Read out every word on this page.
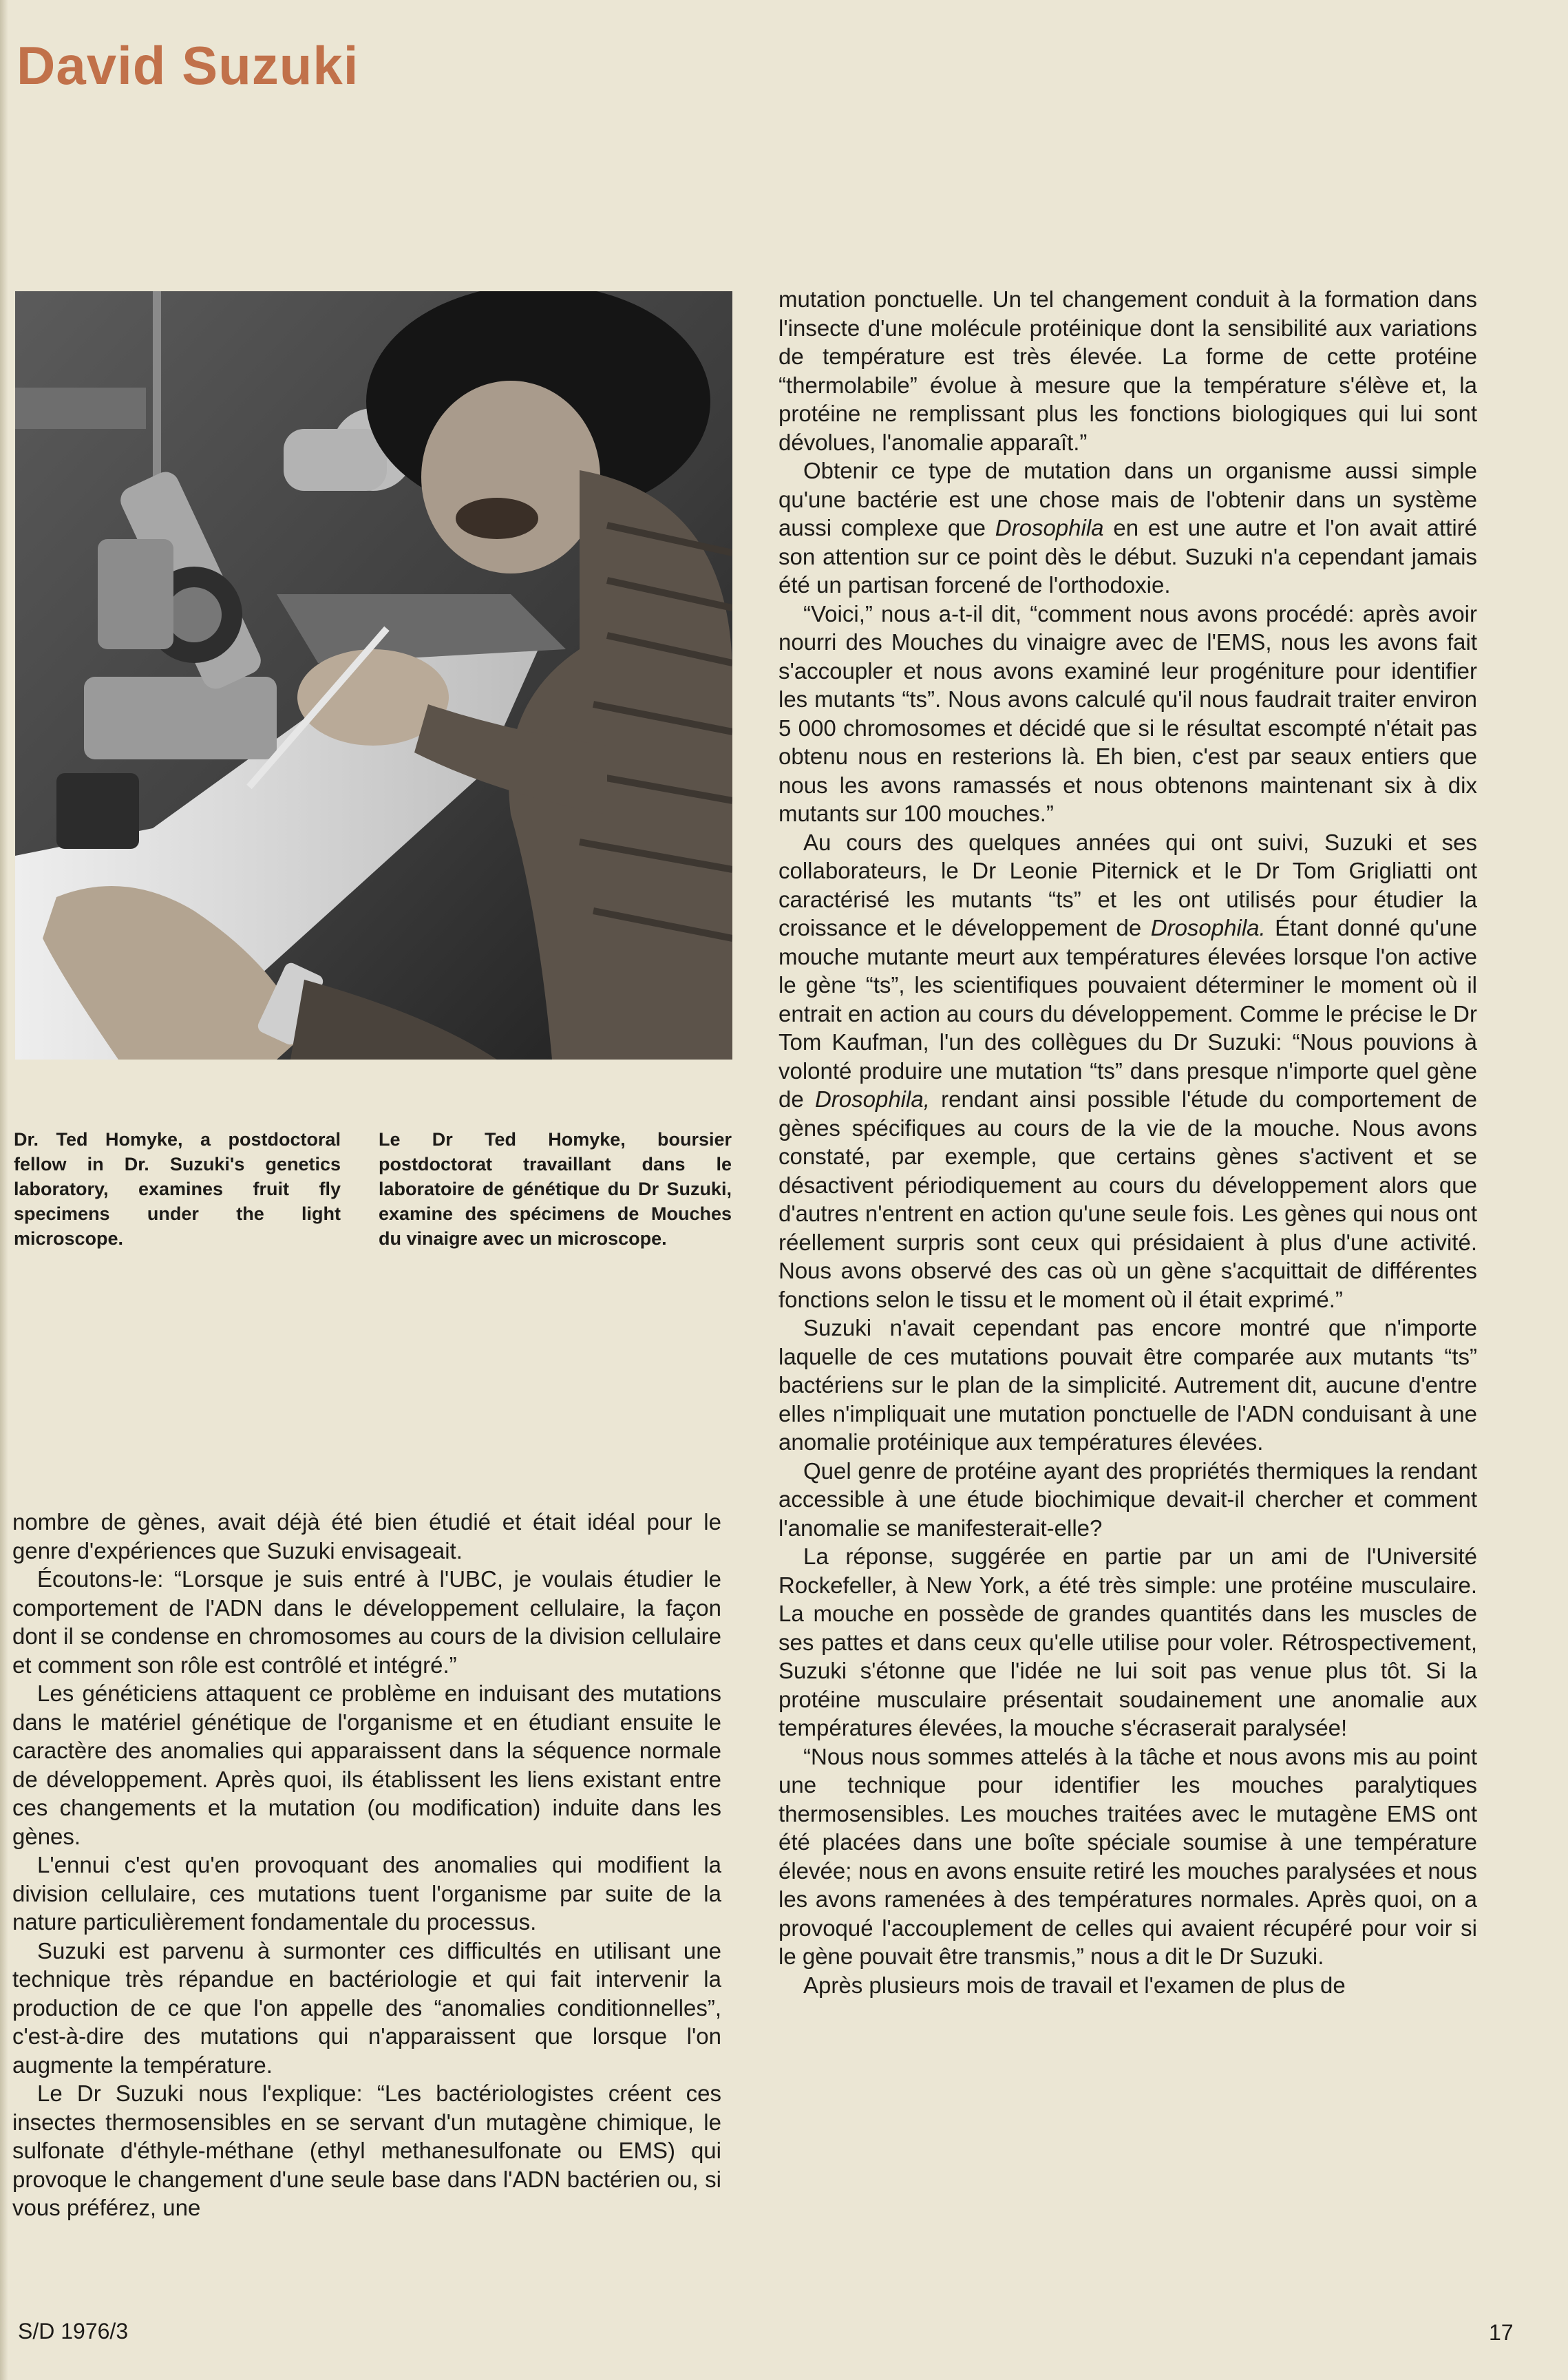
David Suzuki

Dr. Ted Homyke, a postdoctoral fellow in Dr. Suzuki's genetics laboratory, examines fruit fly specimens under the light microscope.

Le Dr Ted Homyke, boursier postdoctorat travaillant dans le laboratoire de génétique du Dr Suzuki, examine des spécimens de Mouches du vinaigre avec un microscope.

mutation ponctuelle. Un tel changement conduit à la formation dans l'insecte d'une molécule protéinique dont la sensibilité aux variations de température est très élevée. La forme de cette protéine “thermolabile” évolue à mesure que la température s'élève et, la protéine ne remplissant plus les fonctions biologiques qui lui sont dévolues, l'anomalie apparaît.”

Obtenir ce type de mutation dans un organisme aussi simple qu'une bactérie est une chose mais de l'obtenir dans un système aussi complexe que Drosophila en est une autre et l'on avait attiré son attention sur ce point dès le début. Suzuki n'a cependant jamais été un partisan forcené de l'orthodoxie.

“Voici,” nous a-t-il dit, “comment nous avons procédé: après avoir nourri des Mouches du vinaigre avec de l'EMS, nous les avons fait s'accoupler et nous avons examiné leur progéniture pour identifier les mutants “ts”. Nous avons calculé qu'il nous faudrait traiter environ 5 000 chromosomes et décidé que si le résultat escompté n'était pas obtenu nous en resterions là. Eh bien, c'est par seaux entiers que nous les avons ramassés et nous obtenons maintenant six à dix mutants sur 100 mouches.”

Au cours des quelques années qui ont suivi, Suzuki et ses collaborateurs, le Dr Leonie Piternick et le Dr Tom Grigliatti ont caractérisé les mutants “ts” et les ont utilisés pour étudier la croissance et le développement de Drosophila. Étant donné qu'une mouche mutante meurt aux températures élevées lorsque l'on active le gène “ts”, les scientifiques pouvaient déterminer le moment où il entrait en action au cours du développement. Comme le précise le Dr Tom Kaufman, l'un des collègues du Dr Suzuki: “Nous pouvions à volonté produire une mutation “ts” dans presque n'importe quel gène de Drosophila, rendant ainsi possible l'étude du comportement de gènes spécifiques au cours de la vie de la mouche. Nous avons constaté, par exemple, que certains gènes s'activent et se désactivent périodiquement au cours du développement alors que d'autres n'entrent en action qu'une seule fois. Les gènes qui nous ont réellement surpris sont ceux qui présidaient à plus d'une activité. Nous avons observé des cas où un gène s'acquittait de différentes fonctions selon le tissu et le moment où il était exprimé.”

Suzuki n'avait cependant pas encore montré que n'importe laquelle de ces mutations pouvait être comparée aux mutants “ts” bactériens sur le plan de la simplicité. Autrement dit, aucune d'entre elles n'impliquait une mutation ponctuelle de l'ADN conduisant à une anomalie protéinique aux températures élevées.

Quel genre de protéine ayant des propriétés thermiques la rendant accessible à une étude biochimique devait-il chercher et comment l'anomalie se manifesterait-elle?

La réponse, suggérée en partie par un ami de l'Université Rockefeller, à New York, a été très simple: une protéine musculaire. La mouche en possède de grandes quantités dans les muscles de ses pattes et dans ceux qu'elle utilise pour voler. Rétrospectivement, Suzuki s'étonne que l'idée ne lui soit pas venue plus tôt. Si la protéine musculaire présentait soudainement une anomalie aux températures élevées, la mouche s'écraserait paralysée!

“Nous nous sommes attelés à la tâche et nous avons mis au point une technique pour identifier les mouches paralytiques thermosensibles. Les mouches traitées avec le mutagène EMS ont été placées dans une boîte spéciale soumise à une température élevée; nous en avons ensuite retiré les mouches paralysées et nous les avons ramenées à des températures normales. Après quoi, on a provoqué l'accouplement de celles qui avaient récupéré pour voir si le gène pouvait être transmis,” nous a dit le Dr Suzuki.

Après plusieurs mois de travail et l'examen de plus de

nombre de gènes, avait déjà été bien étudié et était idéal pour le genre d'expériences que Suzuki envisageait.

Écoutons-le: “Lorsque je suis entré à l'UBC, je voulais étudier le comportement de l'ADN dans le développement cellulaire, la façon dont il se condense en chromosomes au cours de la division cellulaire et comment son rôle est contrôlé et intégré.”

Les généticiens attaquent ce problème en induisant des mutations dans le matériel génétique de l'organisme et en étudiant ensuite le caractère des anomalies qui apparaissent dans la séquence normale de développement. Après quoi, ils établissent les liens existant entre ces changements et la mutation (ou modification) induite dans les gènes.

L'ennui c'est qu'en provoquant des anomalies qui modifient la division cellulaire, ces mutations tuent l'organisme par suite de la nature particulièrement fondamentale du processus.

Suzuki est parvenu à surmonter ces difficultés en utilisant une technique très répandue en bactériologie et qui fait intervenir la production de ce que l'on appelle des “anomalies conditionnelles”, c'est-à-dire des mutations qui n'apparaissent que lorsque l'on augmente la température.

Le Dr Suzuki nous l'explique: “Les bactériologistes créent ces insectes thermosensibles en se servant d'un mutagène chimique, le sulfonate d'éthyle-méthane (ethyl methanesulfonate ou EMS) qui provoque le changement d'une seule base dans l'ADN bactérien ou, si vous préférez, une

S/D 1976/3	17
